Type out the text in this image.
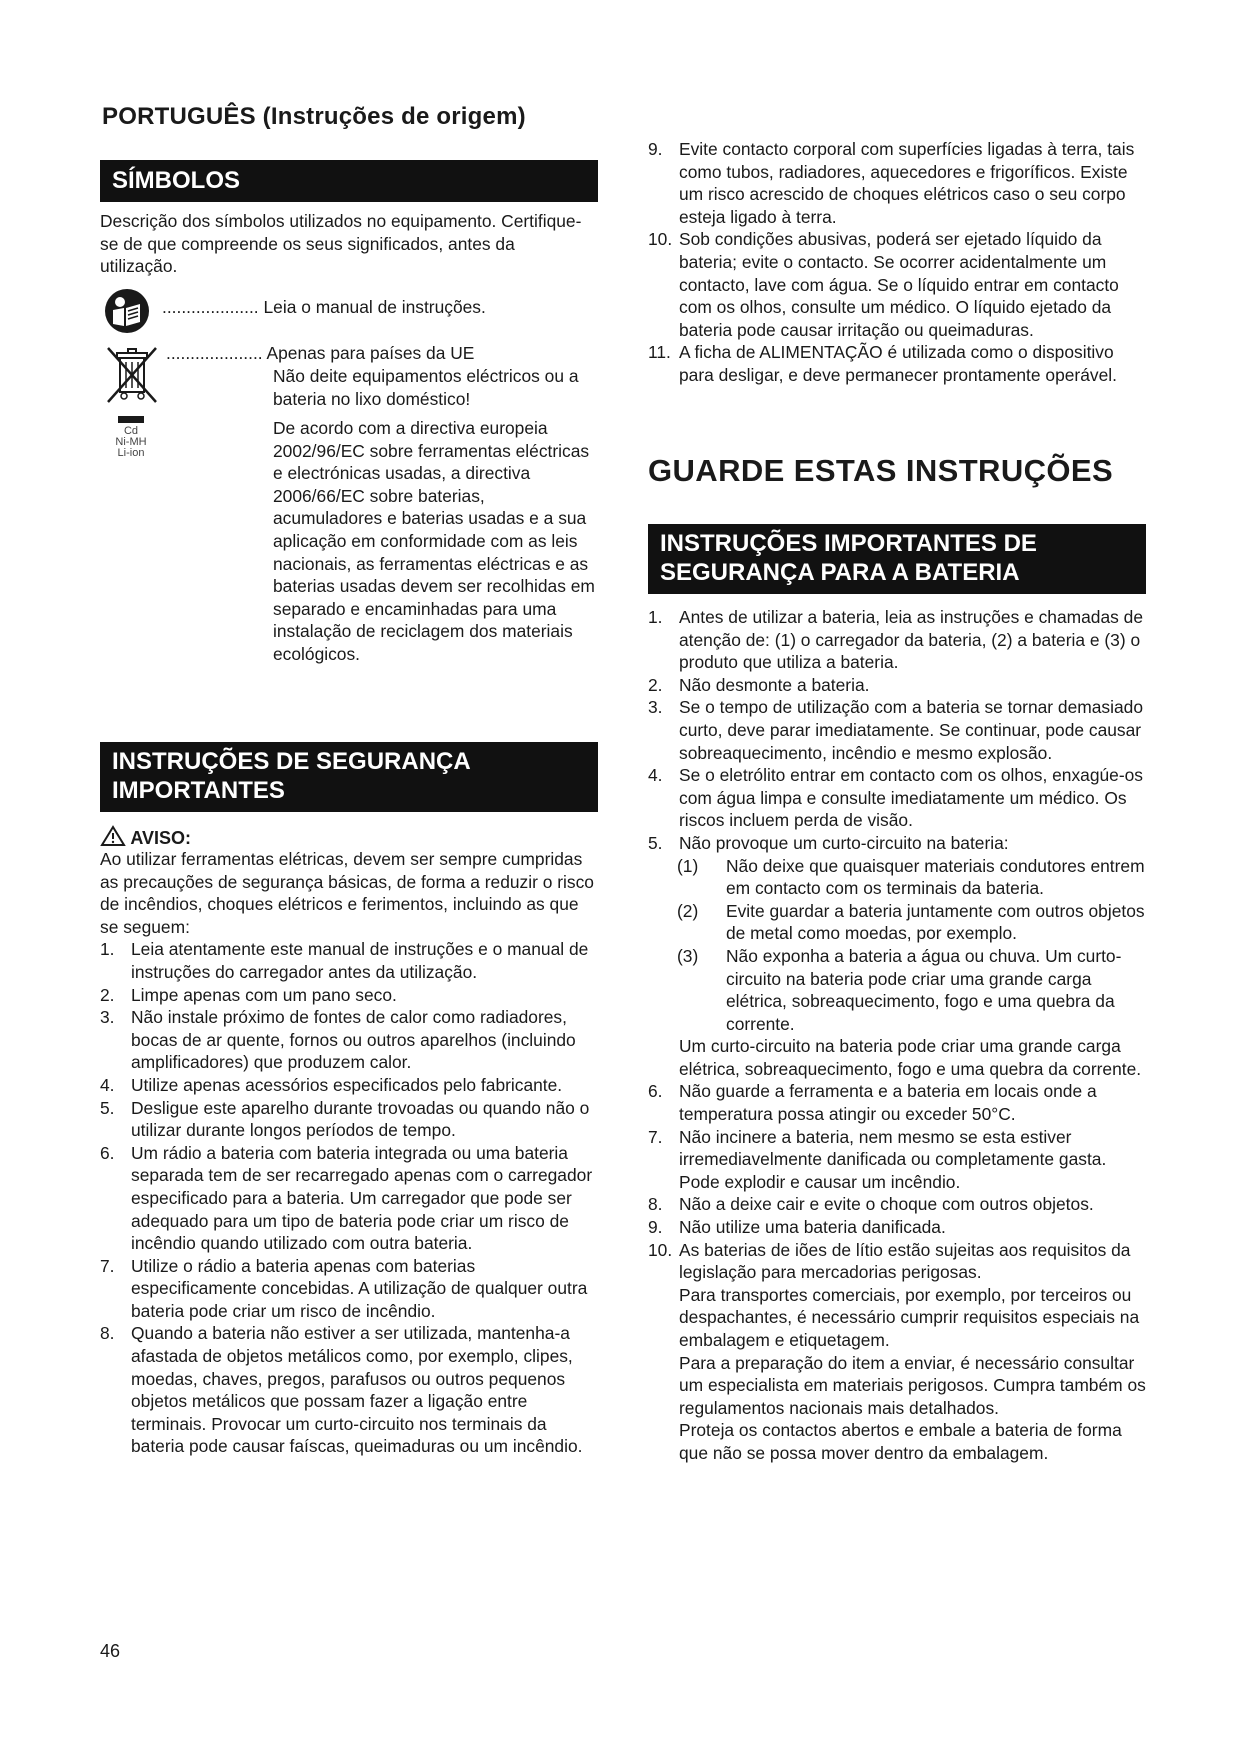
PORTUGUÊS (Instruções de origem)
SÍMBOLOS

Descrição dos símbolos utilizados no equipamento. Certifique-se de que compreende os seus significados, antes da utilização.

.................... Leia o manual de instruções.
.................... Apenas para países da UE

Não deite equipamentos eléctricos ou a bateria no lixo doméstico!

De acordo com a directiva europeia 2002/96/EC sobre ferramentas eléctricas e electrónicas usadas, a directiva 2006/66/EC sobre baterias, acumuladores e baterias usadas e a sua aplicação em conformidade com as leis nacionais, as ferramentas eléctricas e as baterias usadas devem ser recolhidas em separado e encaminhadas para uma instalação de reciclagem dos materiais ecológicos.

Cd
Ni-MH
Li-ion
INSTRUÇÕES DE SEGURANÇA
IMPORTANTES
AVISO:

Ao utilizar ferramentas elétricas, devem ser sempre cumpridas as precauções de segurança básicas, de forma a reduzir o risco de incêndios, choques elétricos e ferimentos, incluindo as que se seguem:

1. Leia atentamente este manual de instruções e o manual de instruções do carregador antes da utilização.
2. Limpe apenas com um pano seco.
3. Não instale próximo de fontes de calor como radiadores, bocas de ar quente, fornos ou outros aparelhos (incluindo amplificadores) que produzem calor.
4. Utilize apenas acessórios especificados pelo fabricante.
5. Desligue este aparelho durante trovoadas ou quando não o utilizar durante longos períodos de tempo.
6. Um rádio a bateria com bateria integrada ou uma bateria separada tem de ser recarregado apenas com o carregador especificado para a bateria. Um carregador que pode ser adequado para um tipo de bateria pode criar um risco de incêndio quando utilizado com outra bateria.
7. Utilize o rádio a bateria apenas com baterias especificamente concebidas. A utilização de qualquer outra bateria pode criar um risco de incêndio.
8. Quando a bateria não estiver a ser utilizada, mantenha-a afastada de objetos metálicos como, por exemplo, clipes, moedas, chaves, pregos, parafusos ou outros pequenos objetos metálicos que possam fazer a ligação entre terminais. Provocar um curto-circuito nos terminais da bateria pode causar faíscas, queimaduras ou um incêndio.
46
9. Evite contacto corporal com superfícies ligadas à terra, tais como tubos, radiadores, aquecedores e frigoríficos. Existe um risco acrescido de choques elétricos caso o seu corpo esteja ligado à terra.
10. Sob condições abusivas, poderá ser ejetado líquido da bateria; evite o contacto. Se ocorrer acidentalmente um contacto, lave com água. Se o líquido entrar em contacto com os olhos, consulte um médico. O líquido ejetado da bateria pode causar irritação ou queimaduras.
11. A ficha de ALIMENTAÇÃO é utilizada como o dispositivo para desligar, e deve permanecer prontamente operável.
GUARDE ESTAS INSTRUÇÕES
INSTRUÇÕES IMPORTANTES DE
SEGURANÇA PARA A BATERIA
1. Antes de utilizar a bateria, leia as instruções e chamadas de atenção de: (1) o carregador da bateria, (2) a bateria e (3) o produto que utiliza a bateria.
2. Não desmonte a bateria.
3. Se o tempo de utilização com a bateria se tornar demasiado curto, deve parar imediatamente. Se continuar, pode causar sobreaquecimento, incêndio e mesmo explosão.
4. Se o eletrólito entrar em contacto com os olhos, enxagúe-os com água limpa e consulte imediatamente um médico. Os riscos incluem perda de visão.
5. Não provoque um curto-circuito na bateria:
(1) Não deixe que quaisquer materiais condutores entrem em contacto com os terminais da bateria.
(2) Evite guardar a bateria juntamente com outros objetos de metal como moedas, por exemplo.
(3) Não exponha a bateria a água ou chuva. Um curto-circuito na bateria pode criar uma grande carga elétrica, sobreaquecimento, fogo e uma quebra da corrente.
Um curto-circuito na bateria pode criar uma grande carga elétrica, sobreaquecimento, fogo e uma quebra da corrente.
6. Não guarde a ferramenta e a bateria em locais onde a temperatura possa atingir ou exceder 50°C.
7. Não incinere a bateria, nem mesmo se esta estiver irremediavelmente danificada ou completamente gasta. Pode explodir e causar um incêndio.
8. Não a deixe cair e evite o choque com outros objetos.
9. Não utilize uma bateria danificada.
10. As baterias de iões de lítio estão sujeitas aos requisitos da legislação para mercadorias perigosas.
Para transportes comerciais, por exemplo, por terceiros ou despachantes, é necessário cumprir requisitos especiais na embalagem e etiquetagem.
Para a preparação do item a enviar, é necessário consultar um especialista em materiais perigosos. Cumpra também os regulamentos nacionais mais detalhados.
Proteja os contactos abertos e embale a bateria de forma que não se possa mover dentro da embalagem.
